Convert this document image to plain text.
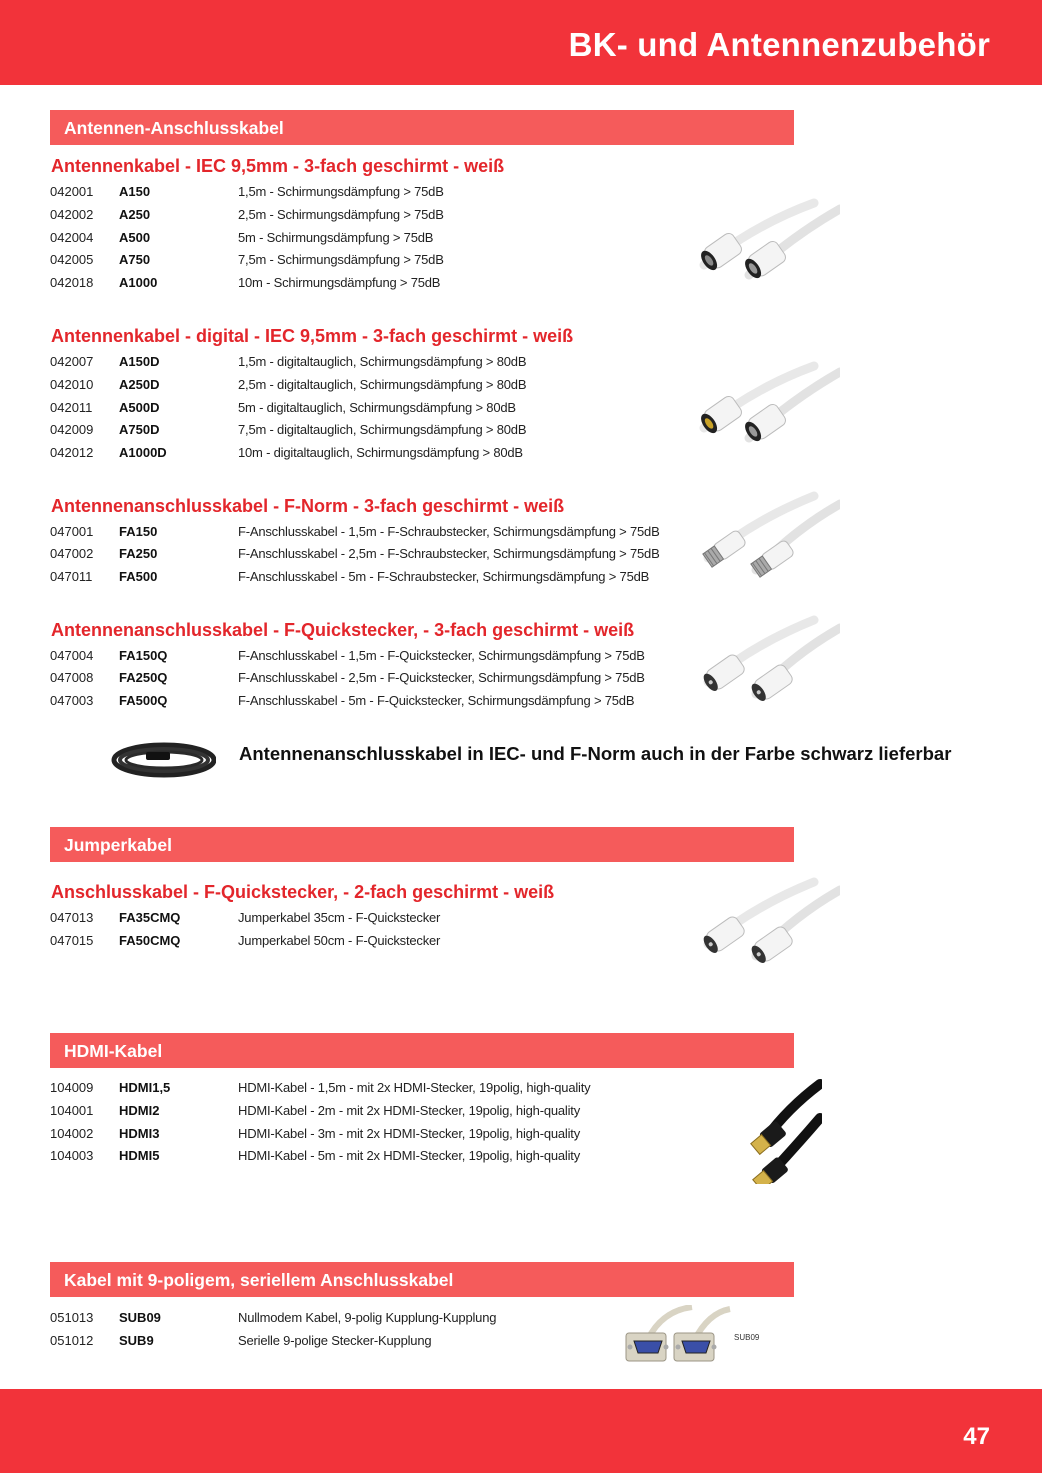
BK- und Antennenzubehör
Antennen-Anschlusskabel
Antennenkabel - IEC 9,5mm - 3-fach geschirmt - weiß
042001 A150	1,5m - Schirmungsdämpfung > 75dB
042002 A250	2,5m - Schirmungsdämpfung > 75dB
042004 A500	5m - Schirmungsdämpfung > 75dB
042005 A750	7,5m - Schirmungsdämpfung > 75dB
042018 A1000	10m - Schirmungsdämpfung > 75dB
Antennenkabel - digital - IEC 9,5mm - 3-fach geschirmt - weiß
042007 A150D	1,5m - digitaltauglich, Schirmungsdämpfung > 80dB
042010 A250D	2,5m - digitaltauglich, Schirmungsdämpfung > 80dB
042011 A500D	5m - digitaltauglich, Schirmungsdämpfung > 80dB
042009 A750D	7,5m - digitaltauglich, Schirmungsdämpfung > 80dB
042012 A1000D	10m - digitaltauglich, Schirmungsdämpfung > 80dB
Antennenanschlusskabel - F-Norm - 3-fach geschirmt - weiß
047001 FA150	F-Anschlusskabel - 1,5m - F-Schraubstecker, Schirmungsdämpfung > 75dB
047002 FA250	F-Anschlusskabel - 2,5m - F-Schraubstecker, Schirmungsdämpfung > 75dB
047011 FA500	F-Anschlusskabel - 5m - F-Schraubstecker, Schirmungsdämpfung > 75dB
Antennenanschlusskabel - F-Quickstecker, - 3-fach geschirmt - weiß
047004 FA150Q	F-Anschlusskabel - 1,5m - F-Quickstecker, Schirmungsdämpfung > 75dB
047008 FA250Q	F-Anschlusskabel - 2,5m - F-Quickstecker, Schirmungsdämpfung > 75dB
047003 FA500Q	F-Anschlusskabel - 5m - F-Quickstecker, Schirmungsdämpfung > 75dB
Antennenanschlusskabel in IEC- und F-Norm auch in der Farbe schwarz lieferbar
Jumperkabel
Anschlusskabel - F-Quickstecker, - 2-fach geschirmt - weiß
047013 FA35CMQ	Jumperkabel 35cm - F-Quickstecker
047015 FA50CMQ	Jumperkabel 50cm - F-Quickstecker
HDMI-Kabel
104009 HDMI1,5	HDMI-Kabel - 1,5m - mit 2x HDMI-Stecker, 19polig, high-quality
104001 HDMI2	HDMI-Kabel - 2m - mit 2x HDMI-Stecker, 19polig, high-quality
104002 HDMI3	HDMI-Kabel - 3m - mit 2x HDMI-Stecker, 19polig, high-quality
104003 HDMI5	HDMI-Kabel - 5m - mit 2x HDMI-Stecker, 19polig, high-quality
Kabel mit 9-poligem, seriellem Anschlusskabel
051013 SUB09	Nullmodem Kabel, 9-polig Kupplung-Kupplung
051012 SUB9	Serielle 9-polige Stecker-Kupplung	SUB09
47
